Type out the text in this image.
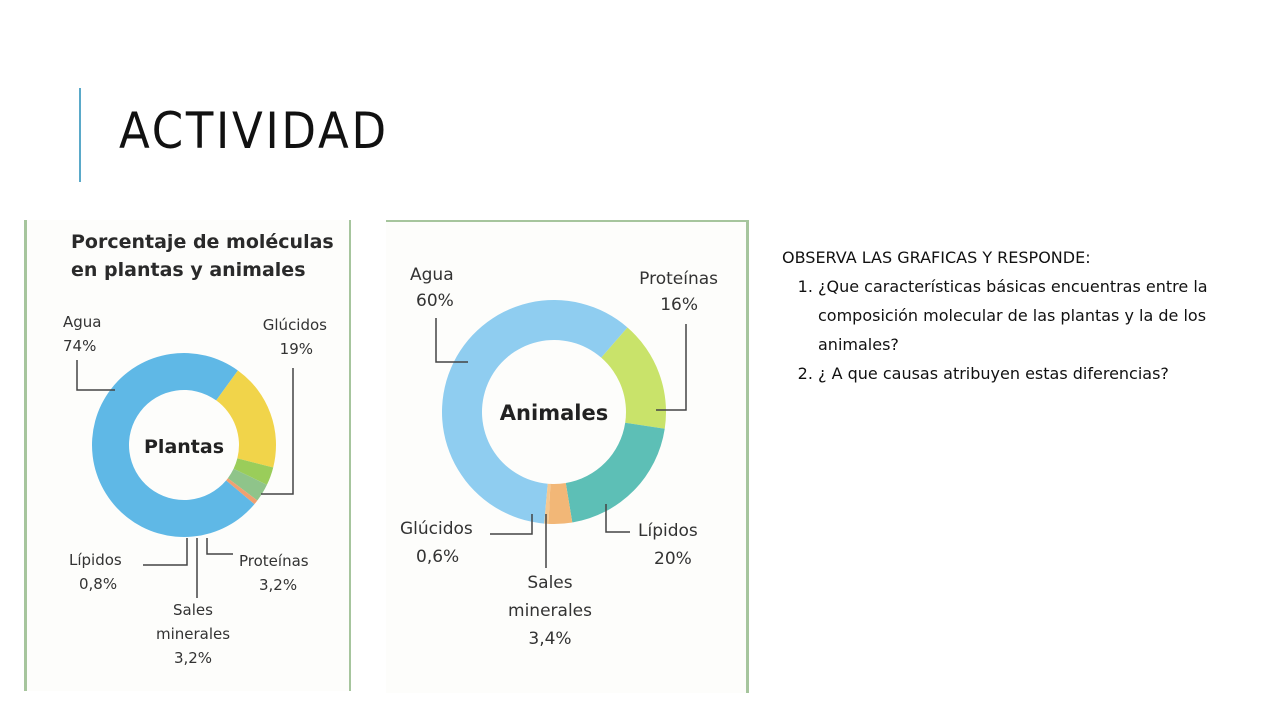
ACTIVIDAD
Porcentaje de moléculas
en plantas y animales
Plantas
Agua
74%
Glúcidos
19%
Lípidos
0,8%
Proteínas
3,2%
Sales
minerales
3,2%
Animales
Agua
60%
Proteínas
16%
Glúcidos
0,6%
Lípidos
20%
Sales
minerales
3,4%

OBSERVA LAS GRAFICAS Y RESPONDE:

1. ¿Que características básicas encuentras entre la composición molecular de las plantas y la de los animales?
2. ¿ A que causas atribuyen estas diferencias?
